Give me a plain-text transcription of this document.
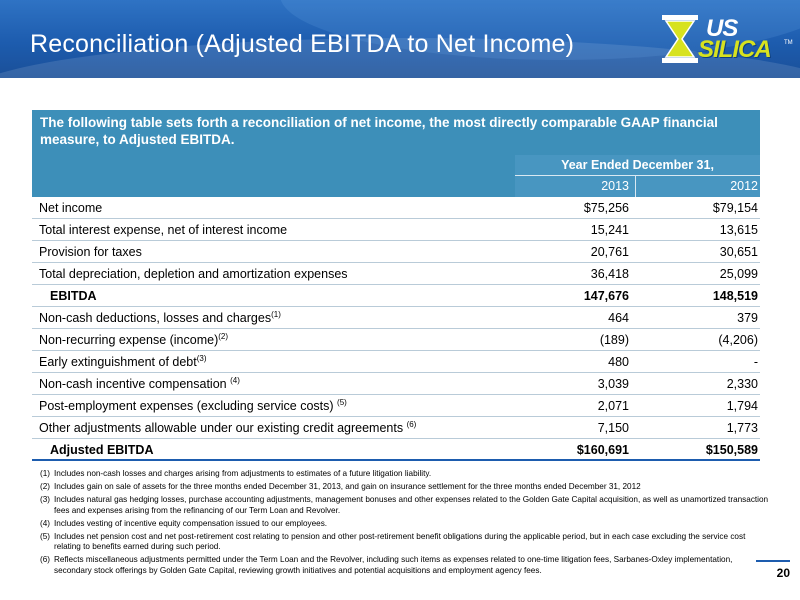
Reconciliation (Adjusted EBITDA to Net Income)
US
SILICA TM
The following table sets forth a reconciliation of net income, the most directly comparable GAAP financial measure, to Adjusted EBITDA.
Year Ended December 31,
2013	2012
Net income	$75,256	$79,154
Total interest expense, net of interest income	15,241	13,615
Provision for taxes	20,761	30,651
Total depreciation, depletion and amortization expenses	36,418	25,099
EBITDA	147,676	148,519
Non-cash deductions, losses and charges$^{(1)}$	464	379
Non-recurring expense (income)$^{(2)}$	(189)	(4,206)
Early extinguishment of debt$^{(3)}$	480	-
Non-cash incentive compensation $^{(4)}$	3,039	2,330
Post-employment expenses (excluding service costs) $^{(5)}$	2,071	1,794
Other adjustments allowable under our existing credit agreements $^{(6)}$	7,150	1,773
Adjusted EBITDA	$160,691	$150,589
(1) Includes non-cash losses and charges arising from adjustments to estimates of a future litigation liability.
(2) Includes gain on sale of assets for the three months ended December 31, 2013, and gain on insurance settlement for the three months ended December 31, 2012
(3) Includes natural gas hedging losses, purchase accounting adjustments, management bonuses and other expenses related to the Golden Gate Capital acquisition, as well as unamortized transaction fees and expenses arising from the refinancing of our Term Loan and Revolver.
(4) Includes vesting of incentive equity compensation issued to our employees.
(5) Includes net pension cost and net post-retirement cost relating to pension and other post-retirement benefit obligations during the applicable period, but in each case excluding the service cost relating to benefits earned during such period.
(6) Reflects miscellaneous adjustments permitted under the Term Loan and the Revolver, including such items as expenses related to one-time litigation fees, Sarbanes-Oxley implementation, secondary stock offerings by Golden Gate Capital, reviewing growth initiatives and potential acquisitions and employment agency fees.	20
